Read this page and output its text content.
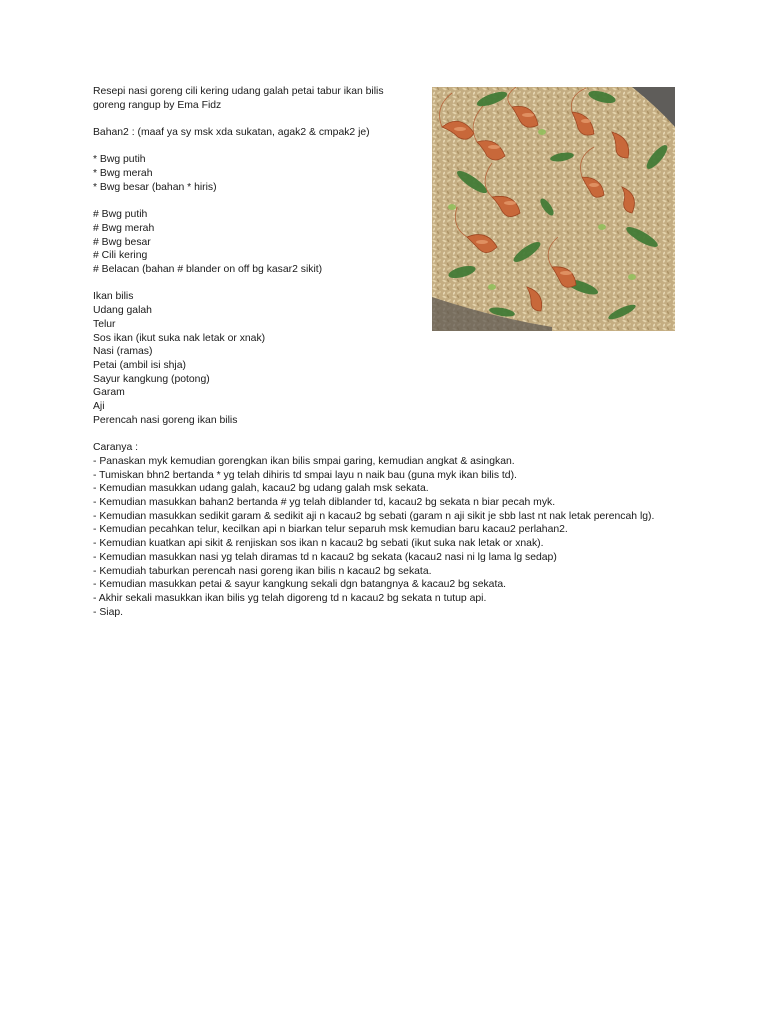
Resepi nasi goreng cili kering udang galah petai tabur ikan bilis goreng rangup by Ema Fidz
Bahan2 : (maaf ya sy msk xda sukatan, agak2 & cmpak2 je)
* Bwg putih
* Bwg merah
* Bwg besar (bahan * hiris)
# Bwg putih
# Bwg merah
# Bwg besar
# Cili kering
# Belacan (bahan # blander on off bg kasar2 sikit)
Ikan bilis
Udang galah
Telur
Sos ikan (ikut suka nak letak or xnak)
Nasi (ramas)
Petai (ambil isi shja)
Sayur kangkung (potong)
Garam
Aji
Perencah nasi goreng ikan bilis
Caranya :
- Panaskan myk kemudian gorengkan ikan bilis smpai garing, kemudian angkat & asingkan.
- Tumiskan bhn2 bertanda * yg telah dihiris td smpai layu n naik bau (guna myk ikan bilis td).
- Kemudian masukkan udang galah, kacau2 bg udang galah msk sekata.
- Kemudian masukkan bahan2 bertanda # yg telah diblander td, kacau2 bg sekata n biar pecah myk.
- Kemudian masukkan sedikit garam & sedikit aji n kacau2 bg sebati (garam n aji sikit je sbb last nt nak letak perencah lg).
- Kemudian pecahkan telur, kecilkan api n biarkan telur separuh msk kemudian baru kacau2 perlahan2.
- Kemudian kuatkan api sikit & renjiskan sos ikan n kacau2 bg sebati (ikut suka nak letak or xnak).
- Kemudian masukkan nasi yg telah diramas td n kacau2 bg sekata (kacau2 nasi ni lg lama lg sedap)
- Kemudiah taburkan perencah nasi goreng ikan bilis n kacau2 bg sekata.
- Kemudian masukkan petai & sayur kangkung sekali dgn batangnya & kacau2 bg sekata.
- Akhir sekali masukkan ikan bilis yg telah digoreng td n kacau2 bg sekata n tutup api.
- Siap.
